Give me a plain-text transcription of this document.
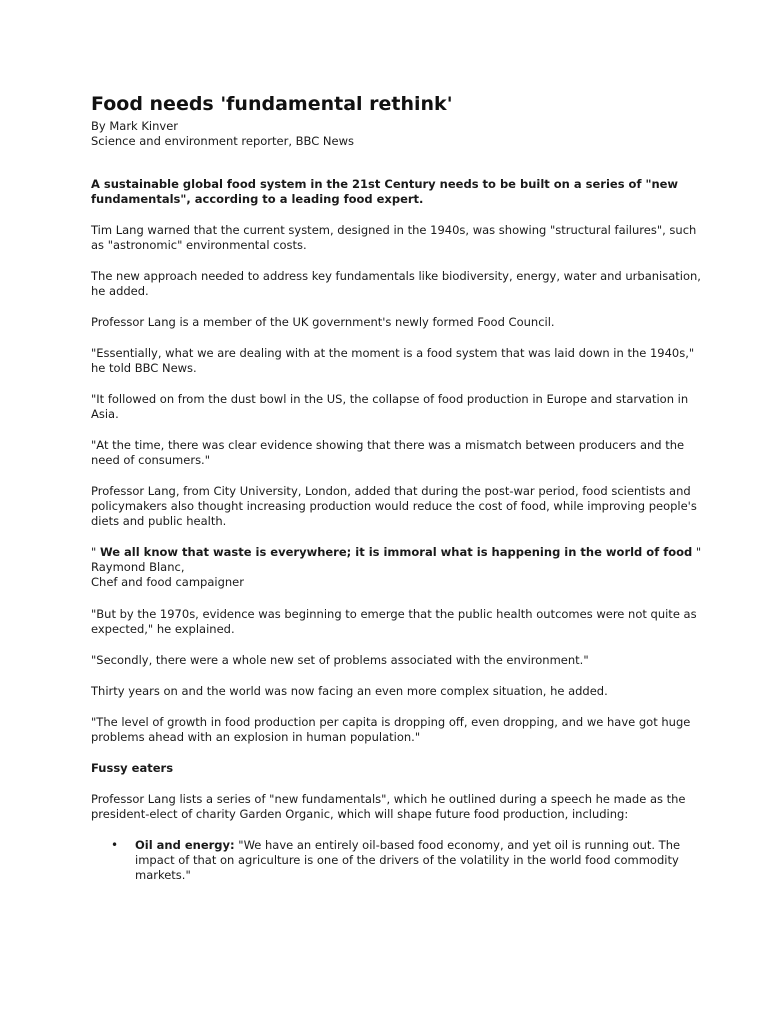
Food needs 'fundamental rethink'

By Mark Kinver

Science and environment reporter, BBC News

A sustainable global food system in the 21st Century needs to be built on a series of "new fundamentals", according to a leading food expert.

Tim Lang warned that the current system, designed in the 1940s, was showing "structural failures", such as "astronomic" environmental costs.

The new approach needed to address key fundamentals like biodiversity, energy, water and urbanisation, he added.

Professor Lang is a member of the UK government's newly formed Food Council.

"Essentially, what we are dealing with at the moment is a food system that was laid down in the 1940s," he told BBC News.

"It followed on from the dust bowl in the US, the collapse of food production in Europe and starvation in Asia.

"At the time, there was clear evidence showing that there was a mismatch between producers and the need of consumers."

Professor Lang, from City University, London, added that during the post-war period, food scientists and policymakers also thought increasing production would reduce the cost of food, while improving people's diets and public health.

" We all know that waste is everywhere; it is immoral what is happening in the world of food "
Raymond Blanc,
Chef and food campaigner

"But by the 1970s, evidence was beginning to emerge that the public health outcomes were not quite as expected," he explained.

"Secondly, there were a whole new set of problems associated with the environment."

Thirty years on and the world was now facing an even more complex situation, he added.

"The level of growth in food production per capita is dropping off, even dropping, and we have got huge problems ahead with an explosion in human population."

Fussy eaters

Professor Lang lists a series of "new fundamentals", which he outlined during a speech he made as the president-elect of charity Garden Organic, which will shape future food production, including:

• Oil and energy: "We have an entirely oil-based food economy, and yet oil is running out. The impact of that on agriculture is one of the drivers of the volatility in the world food commodity markets."
